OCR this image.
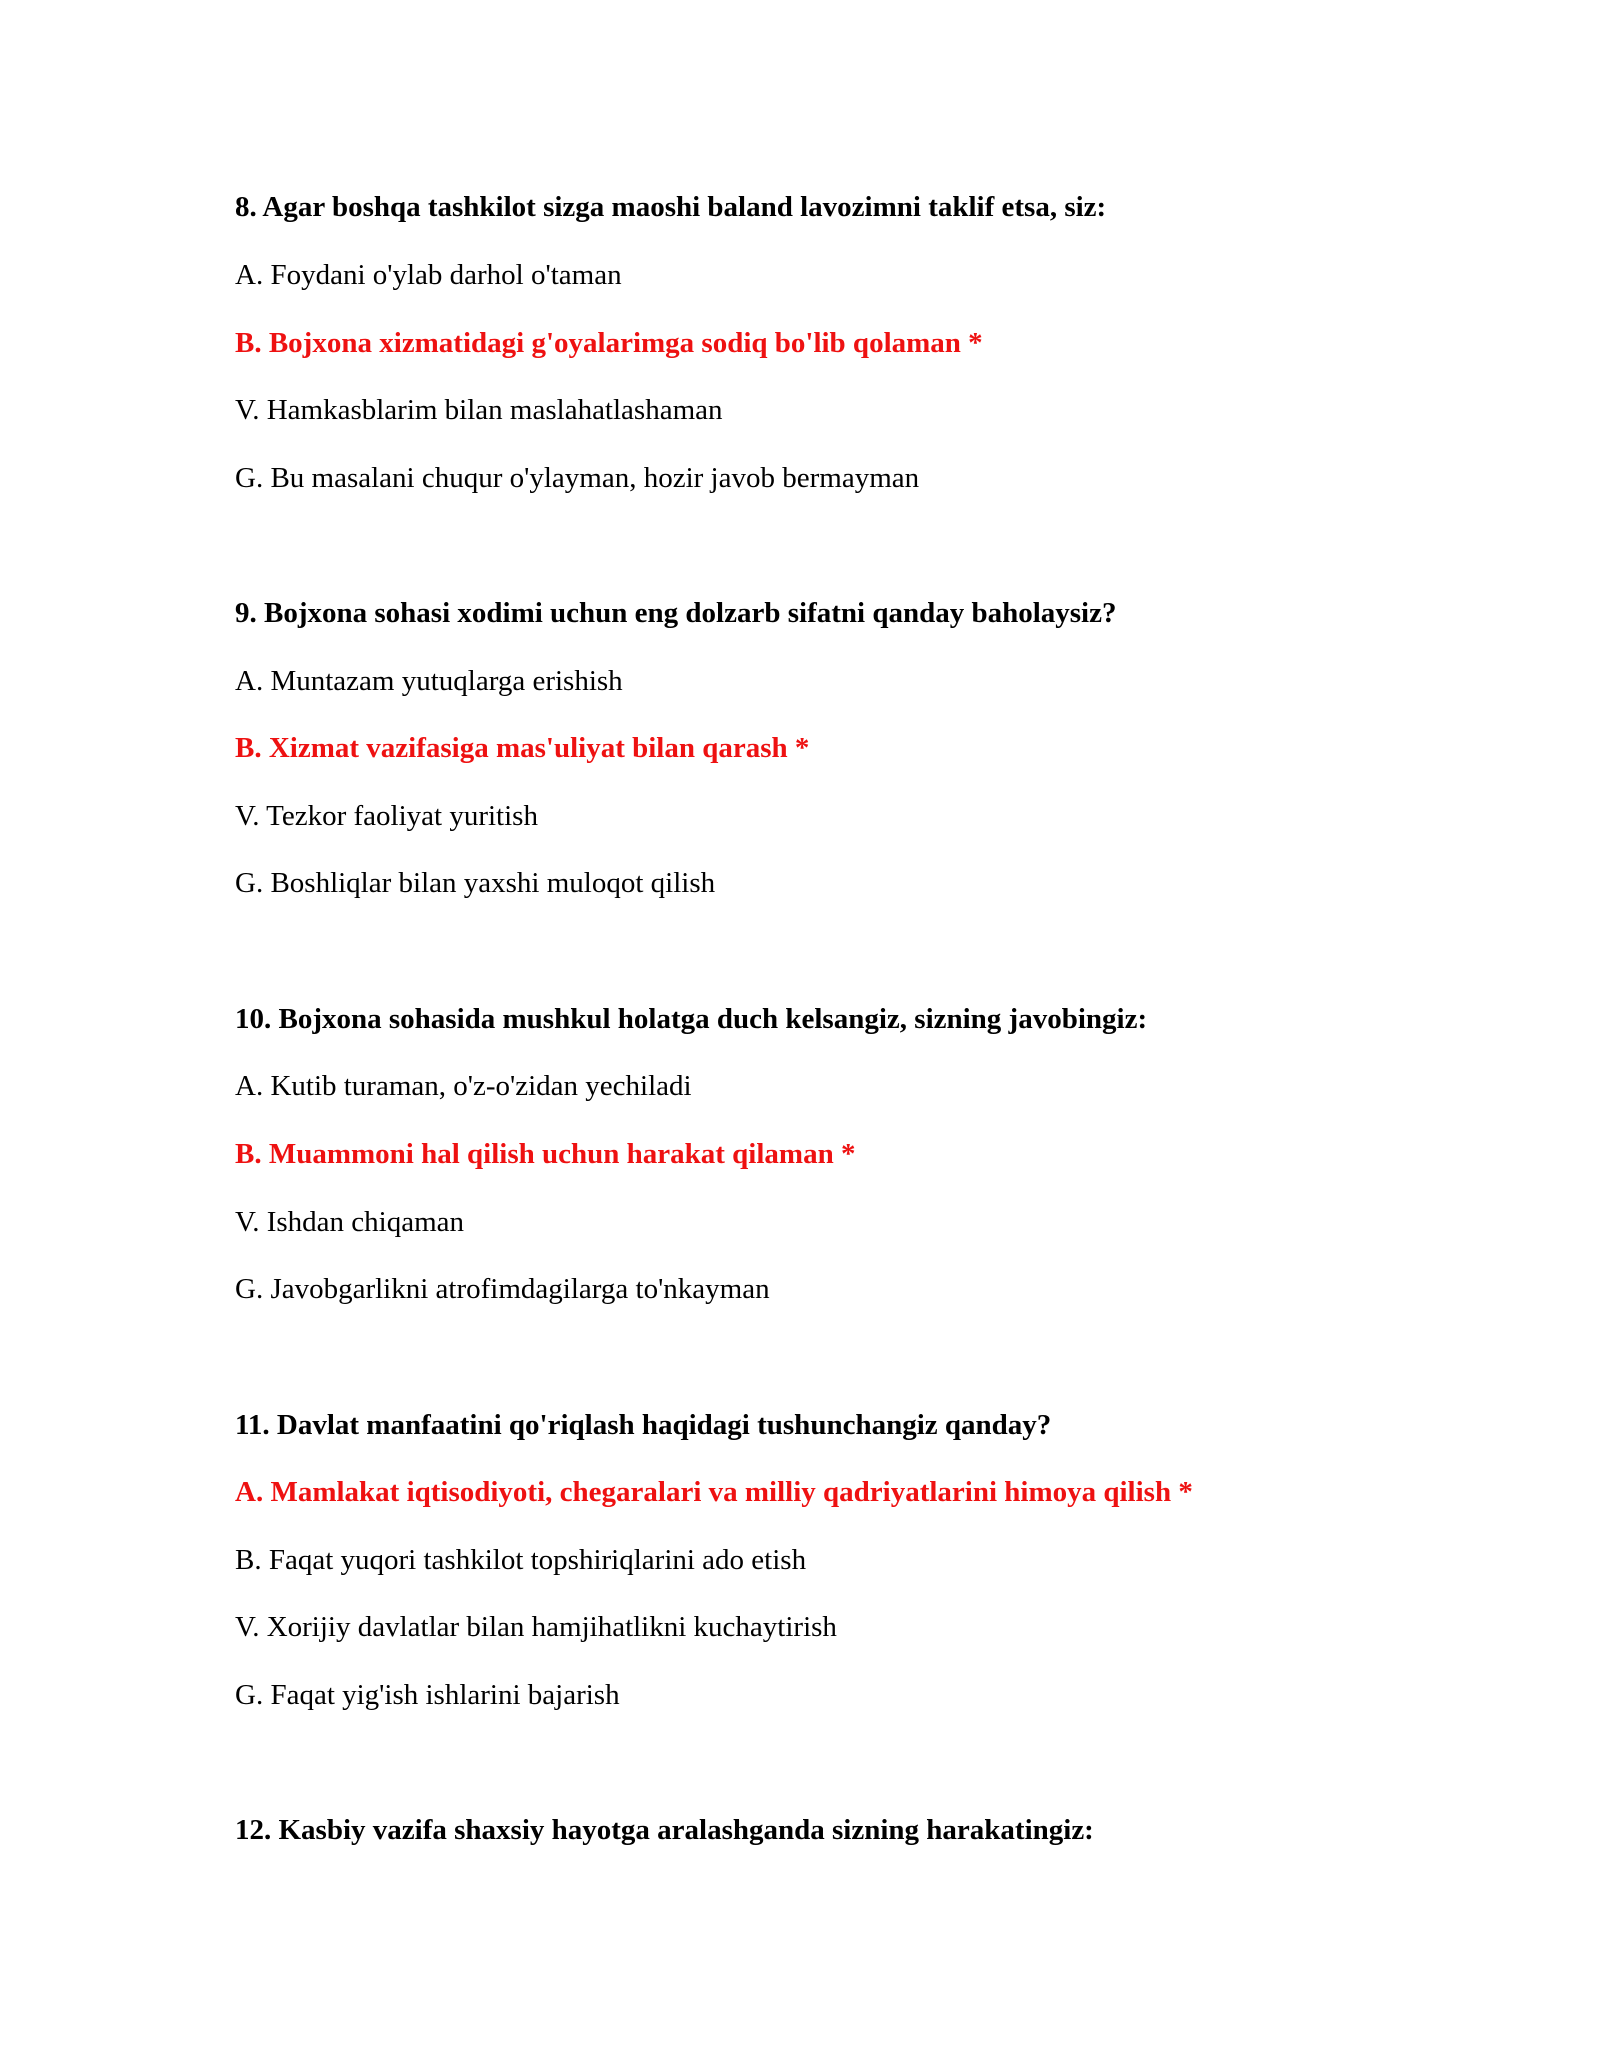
8. Agar boshqa tashkilot sizga maoshi baland lavozimni taklif etsa, siz:
A. Foydani o'ylab darhol o'taman
B. Bojxona xizmatidagi g'oyalarimga sodiq bo'lib qolaman *
V. Hamkasblarim bilan maslahatlashaman
G. Bu masalani chuqur o'ylayman, hozir javob bermayman
9. Bojxona sohasi xodimi uchun eng dolzarb sifatni qanday baholaysiz?
A. Muntazam yutuqlarga erishish
B. Xizmat vazifasiga mas'uliyat bilan qarash *
V. Tezkor faoliyat yuritish
G. Boshliqlar bilan yaxshi muloqot qilish
10. Bojxona sohasida mushkul holatga duch kelsangiz, sizning javobingiz:
A. Kutib turaman, o'z-o'zidan yechiladi
B. Muammoni hal qilish uchun harakat qilaman *
V. Ishdan chiqaman
G. Javobgarlikni atrofimdagilarga to'nkayman
11. Davlat manfaatini qo'riqlash haqidagi tushunchangiz qanday?
A. Mamlakat iqtisodiyoti, chegaralari va milliy qadriyatlarini himoya qilish *
B. Faqat yuqori tashkilot topshiriqlarini ado etish
V. Xorijiy davlatlar bilan hamjihatlikni kuchaytirish
G. Faqat yig'ish ishlarini bajarish
12. Kasbiy vazifa shaxsiy hayotga aralashganda sizning harakatingiz:
